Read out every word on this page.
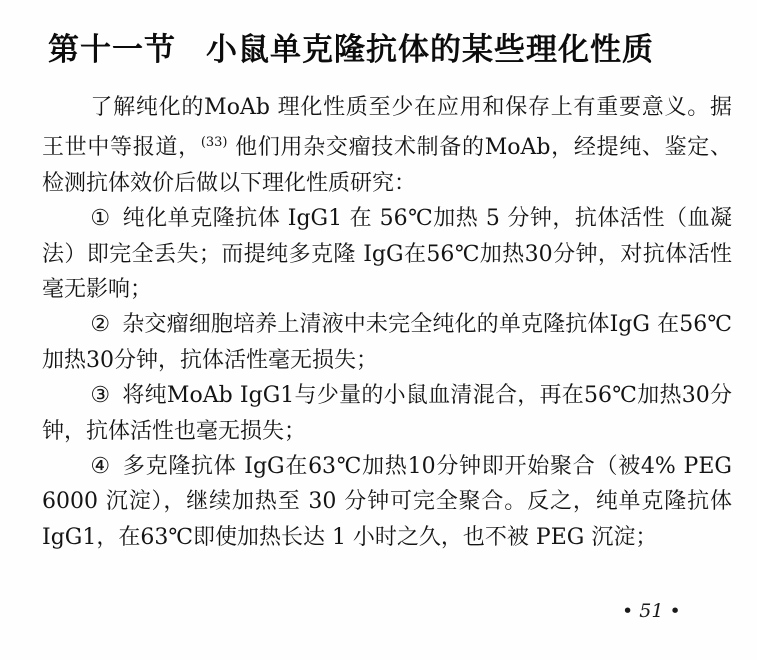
第十一节 小鼠单克隆抗体的某些理化性质

了解纯化的MoAb 理化性质至少在应用和保存上有重要意义。据王世中等报道，$^{(33)}$ 他们用杂交瘤技术制备的MoAb，经提纯、鉴定、检测抗体效价后做以下理化性质研究：

① 纯化单克隆抗体 IgG1 在 56℃加热 5 分钟，抗体活性（血凝法）即完全丢失；而提纯多克隆 IgG在56℃加热30分钟，对抗体活性毫无影响；

② 杂交瘤细胞培养上清液中未完全纯化的单克隆抗体IgG 在56℃加热30分钟，抗体活性毫无损失；

③ 将纯MoAb IgG1与少量的小鼠血清混合，再在56℃加热30分钟，抗体活性也毫无损失；

④ 多克隆抗体 IgG在63℃加热10分钟即开始聚合（被4% PEG 6000 沉淀），继续加热至 30 分钟可完全聚合。反之，纯单克隆抗体IgG1，在63℃即使加热长达 1 小时之久，也不被 PEG 沉淀；

• 51 •
